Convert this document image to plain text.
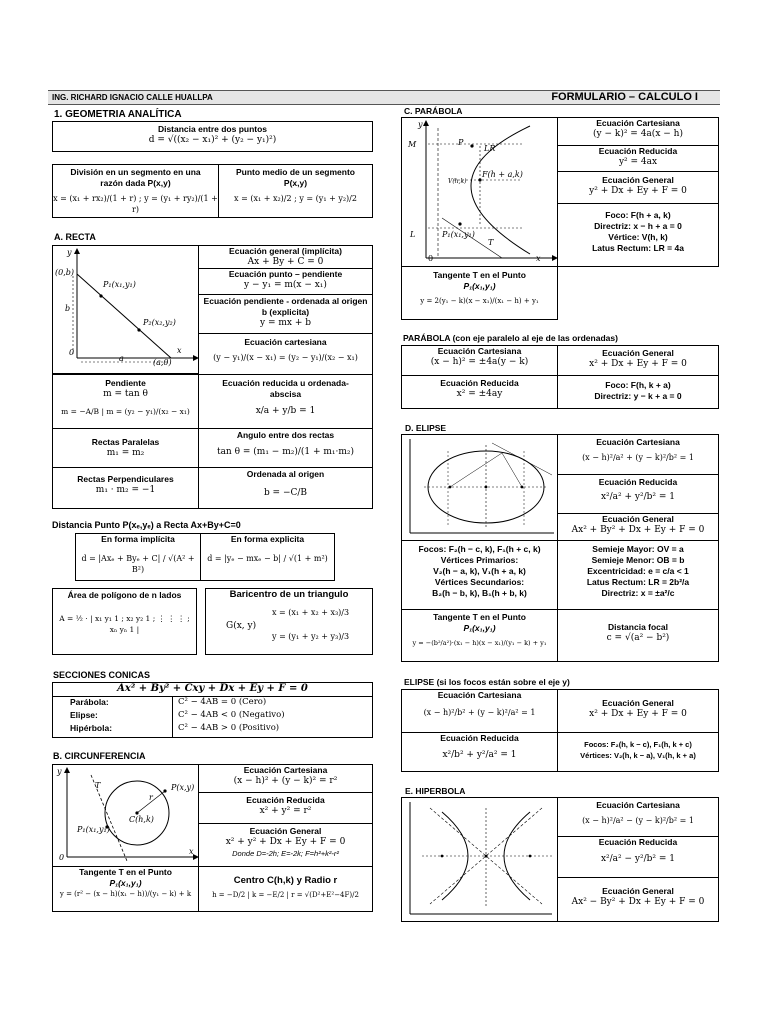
ING. RICHARD IGNACIO CALLE HUALLPA	FORMULARIO – CALCULO I
1. GEOMETRIA ANALÍTICA
Distancia entre dos puntos
d = √((x₂ − x₁)² + (y₂ − y₁)²)
División en un segmento en una razón dada P(x,y)
x = (x₁ + rx₂)/(1 + r) ; y = (y₁ + ry₂)/(1 + r)
Punto medio de un segmento P(x,y)
x = (x₁ + x₂)/2 ; y = (y₁ + y₂)/2
A. RECTA
(0,b)
P₁(x₁,y₁)
P₂(x₂,y₂)
b
0
a	(a,0)
x
y	Ecuación general (implícita)
Ax + By + C = 0
Ecuación punto – pendiente
y − y₁ = m(x − x₁)
Ecuación pendiente - ordenada al origen b (explicita)
y = mx + b
Ecuación cartesiana
(y − y₁)/(x − x₁) = (y₂ − y₁)/(x₂ − x₁)
Pendiente
m = tan θ
m = −A/B | m = (y₂ − y₁)/(x₂ − x₁)
Ecuación reducida u ordenada-abscisa
x/a + y/b = 1
Rectas Paralelas
m₁ = m₂
Angulo entre dos rectas
tan θ = (m₁ − m₂)/(1 + m₁·m₂)
Rectas Perpendiculares
m₁ · m₂ = −1
Ordenada al origen
b = −C/B
Distancia Punto P(xₑ,yₑ) a Recta Ax+By+C=0
En forma implícita
d = |Axₑ + Byₑ + C| / √(A² + B²)
En forma explicita
d = |yₑ − mxₑ − b| / √(1 + m²)
Área de polígono de n lados
A = ½ · | x₁ y₁ 1 ; x₂ y₂ 1 ; ⋮ ⋮ ⋮ ; xₙ yₙ 1 |
Baricentro de un triangulo
G(x, y)
x = (x₁ + x₂ + x₃)/3
y = (y₁ + y₂ + y₃)/3
SECCIONES CONICAS
Ax² + By² + Cxy + Dx + Ey + F = 0
Parábola:	C² − 4AB = 0 (Cero)
Elipse:	C² − 4AB < 0 (Negativo)
Hipérbola:	C² − 4AB > 0 (Positivo)
B. CIRCUNFERENCIA
P(x,y)
r
C(h,k)
P₁(x₁,y₁)
T
0
x
y	Ecuación Cartesiana
(x − h)² + (y − k)² = r²
Ecuación Reducida
x² + y² = r²
Ecuación General
x² + y² + Dx + Ey + F = 0
Donde D=-2h; E=-2k; F=h²+k²-r²
Tangente T en el Punto
P₁(x₁,y₁)
y = (r² − (x − h)(x₁ − h))/(y₁ − k) + k
Centro C(h,k) y Radio r
h = −D/2 | k = −E/2 | r = √(D²+E²−4F)/2
C. PARÁBOLA
y
M	P
LR
V(h,k)
F(h + a,k)
L	P₁(x₁,y₁)
T
0	x
Ecuación Cartesiana
(y − k)² = 4a(x − h)
Ecuación Reducida
y² = 4ax
Ecuación General
y² + Dx + Ey + F = 0
Foco: F(h + a, k)
Directriz: x − h + a = 0
Vértice: V(h, k)
Latus Rectum: LR = 4a
Tangente T en el Punto
P₁(x₁,y₁)
y = 2(y₁ − k)(x − x₁)/(x₁ − h) + y₁
PARÁBOLA (con eje paralelo al eje de las ordenadas)
Ecuación Cartesiana
(x − h)² = ±4a(y − k)
Ecuación General
x² + Dx + Ey + F = 0
Ecuación Reducida
x² = ±4ay
Foco: F(h, k + a)
Directriz: y − k + a = 0
D. ELIPSE
Ecuación Cartesiana
(x − h)²/a² + (y − k)²/b² = 1
Ecuación Reducida
x²/a² + y²/b² = 1
Ecuación General
Ax² + By² + Dx + Ey + F = 0
Focos: F₂(h − c, k), F₁(h + c, k)
Vértices Primarios:
V₂(h − a, k), V₁(h + a, k)
Vértices Secundarios:
B₂(h − b, k), B₁(h + b, k)
Semieje Mayor: OV = a
Semieje Menor: OB = b
Excentricidad: e = c/a < 1
Latus Rectum: LR = 2b²/a
Directriz: x = ±a²/c
Tangente T en el Punto
P₁(x₁,y₁)
y = −(b²/a²)·(x₁ − h)(x − x₁)/(y₁ − k) + y₁
Distancia focal
c = √(a² − b²)
ELIPSE (si los focos están sobre el eje y)
Ecuación Cartesiana
(x − h)²/b² + (y − k)²/a² = 1
Ecuación General
x² + Dx + Ey + F = 0
Ecuación Reducida
x²/b² + y²/a² = 1
Focos: F₂(h, k − c), F₁(h, k + c)
Vértices: V₂(h, k − a), V₁(h, k + a)
E. HIPERBOLA
Ecuación Cartesiana
(x − h)²/a² − (y − k)²/b² = 1
Ecuación Reducida
x²/a² − y²/b² = 1
Ecuación General
Ax² − By² + Dx + Ey + F = 0
